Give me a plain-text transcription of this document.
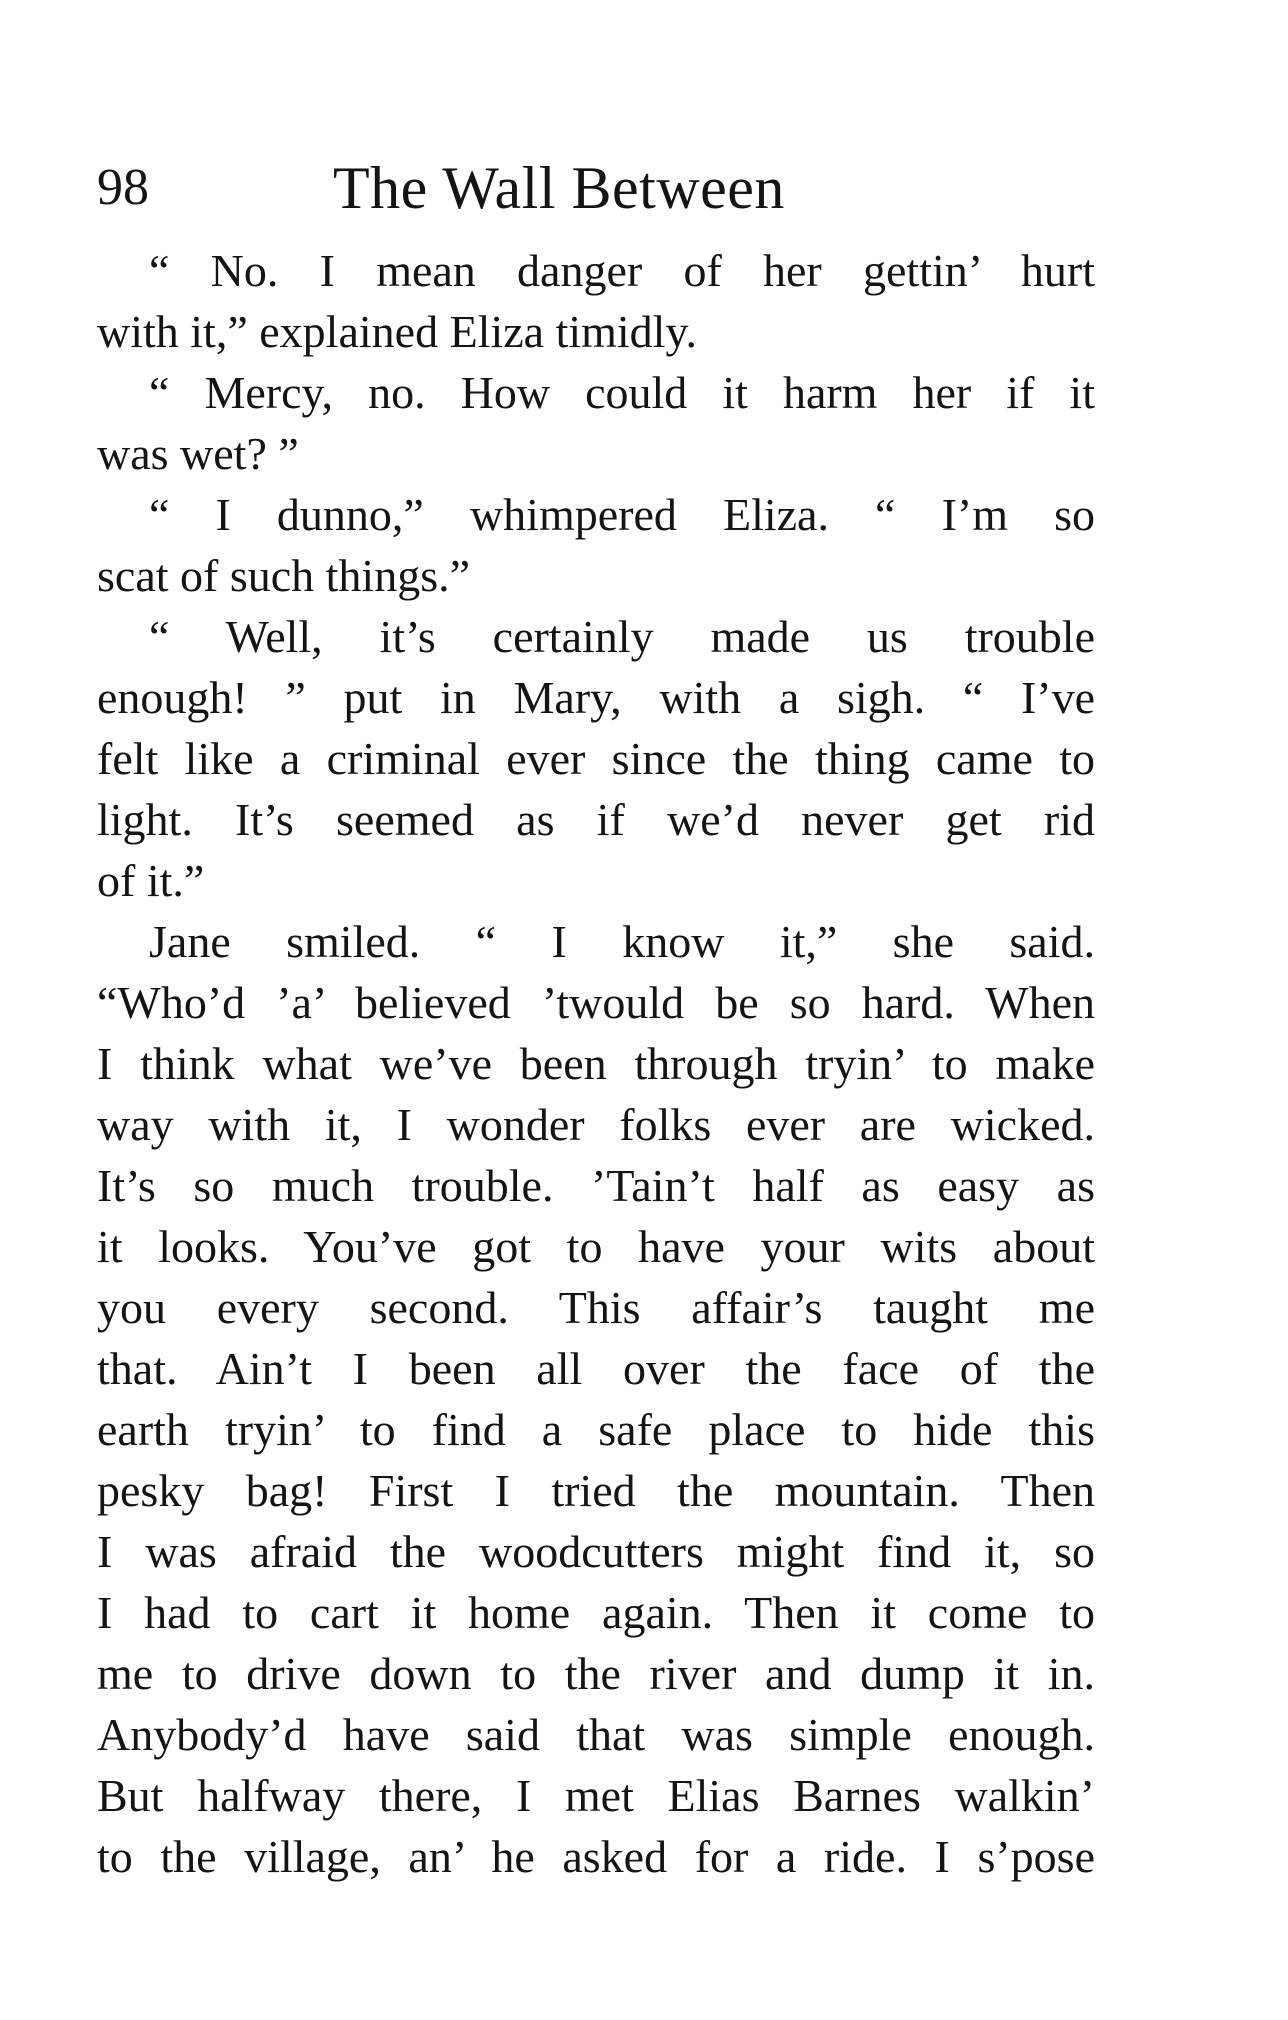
98	The Wall Between
“ No. I mean danger of her gettin’ hurt
with it,” explained Eliza timidly.
“ Mercy, no. How could it harm her if it
was wet? ”
“ I dunno,” whimpered Eliza. “ I’m so
scat of such things.”
“ Well, it’s certainly made us trouble
enough! ” put in Mary, with a sigh. “ I’ve
felt like a criminal ever since the thing came to
light. It’s seemed as if we’d never get rid
of it.”
Jane smiled. “ I know it,” she said.
“Who’d ’a’ believed ’twould be so hard. When
I think what we’ve been through tryin’ to make
way with it, I wonder folks ever are wicked.
It’s so much trouble. ’Tain’t half as easy as
it looks. You’ve got to have your wits about
you every second. This affair’s taught me
that. Ain’t I been all over the face of the
earth tryin’ to find a safe place to hide this
pesky bag! First I tried the mountain. Then
I was afraid the woodcutters might find it, so
I had to cart it home again. Then it come to
me to drive down to the river and dump it in.
Anybody’d have said that was simple enough.
But halfway there, I met Elias Barnes walkin’
to the village, an’ he asked for a ride. I s’pose
